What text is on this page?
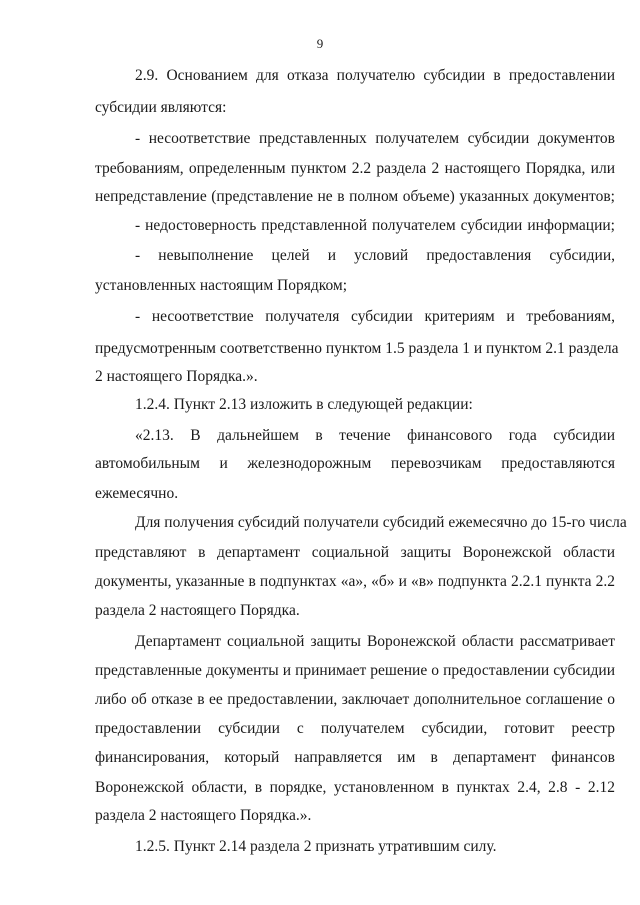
9
2.9. Основанием для отказа получателю субсидии в предоставлении
субсидии являются:
- несоответствие представленных получателем субсидии документов
требованиям, определенным пунктом 2.2 раздела 2 настоящего Порядка, или
непредставление (представление не в полном объеме) указанных документов;
- недостоверность представленной получателем субсидии информации;
- невыполнение целей и условий предоставления субсидии,
установленных настоящим Порядком;
- несоответствие получателя субсидии критериям и требованиям,
предусмотренным соответственно пунктом 1.5 раздела 1 и пунктом 2.1 раздела
2 настоящего Порядка.».
1.2.4. Пункт 2.13 изложить в следующей редакции:
«2.13. В дальнейшем в течение финансового года субсидии
автомобильным и железнодорожным перевозчикам предоставляются
ежемесячно.
Для получения субсидий получатели субсидий ежемесячно до 15-го числа
представляют в департамент социальной защиты Воронежской области
документы, указанные в подпунктах «а», «б» и «в» подпункта 2.2.1 пункта 2.2
раздела 2 настоящего Порядка.
Департамент социальной защиты Воронежской области рассматривает
представленные документы и принимает решение о предоставлении субсидии
либо об отказе в ее предоставлении, заключает дополнительное соглашение о
предоставлении субсидии с получателем субсидии, готовит реестр
финансирования, который направляется им в департамент финансов
Воронежской области, в порядке, установленном в пунктах 2.4, 2.8 - 2.12
раздела 2 настоящего Порядка.».
1.2.5. Пункт 2.14 раздела 2 признать утратившим силу.
